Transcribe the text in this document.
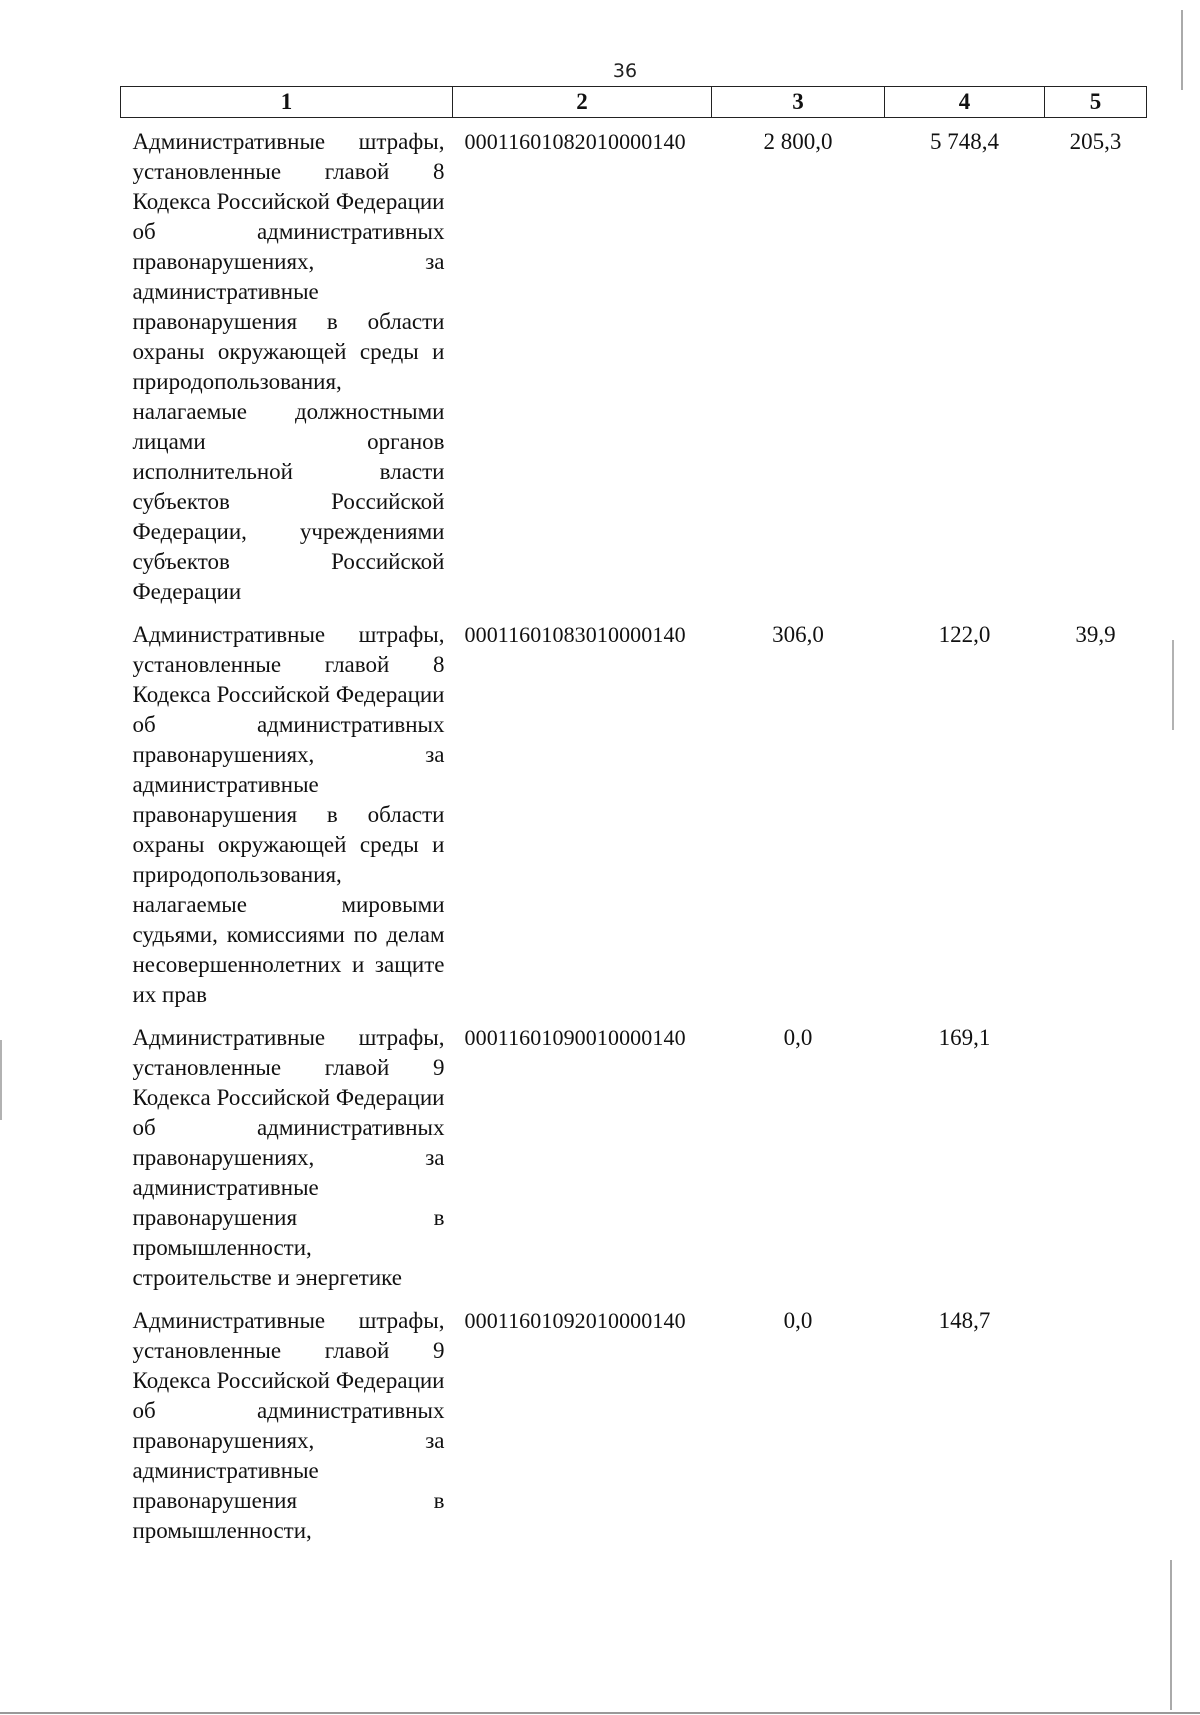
36
1	2	3	4	5
Административные штрафы, установленные главой 8 Кодекса Российской Федерации об административных правонарушениях, за административные правонарушения в области охраны окружающей среды и природопользования, налагаемые должностными лицами органов исполнительной власти субъектов Российской Федерации, учреждениями субъектов Российской Федерации	00011601082010000140	2 800,0	5 748,4	205,3
Административные штрафы, установленные главой 8 Кодекса Российской Федерации об административных правонарушениях, за административные правонарушения в области охраны окружающей среды и природопользования, налагаемые мировыми судьями, комиссиями по делам несовершеннолетних и защите их прав	00011601083010000140	306,0	122,0	39,9
Административные штрафы, установленные главой 9 Кодекса Российской Федерации об административных правонарушениях, за административные правонарушения в промышленности, строительстве и энергетике	00011601090010000140	0,0	169,1	
Административные штрафы, установленные главой 9 Кодекса Российской Федерации об административных правонарушениях, за административные правонарушения в промышленности,	00011601092010000140	0,0	148,7	
